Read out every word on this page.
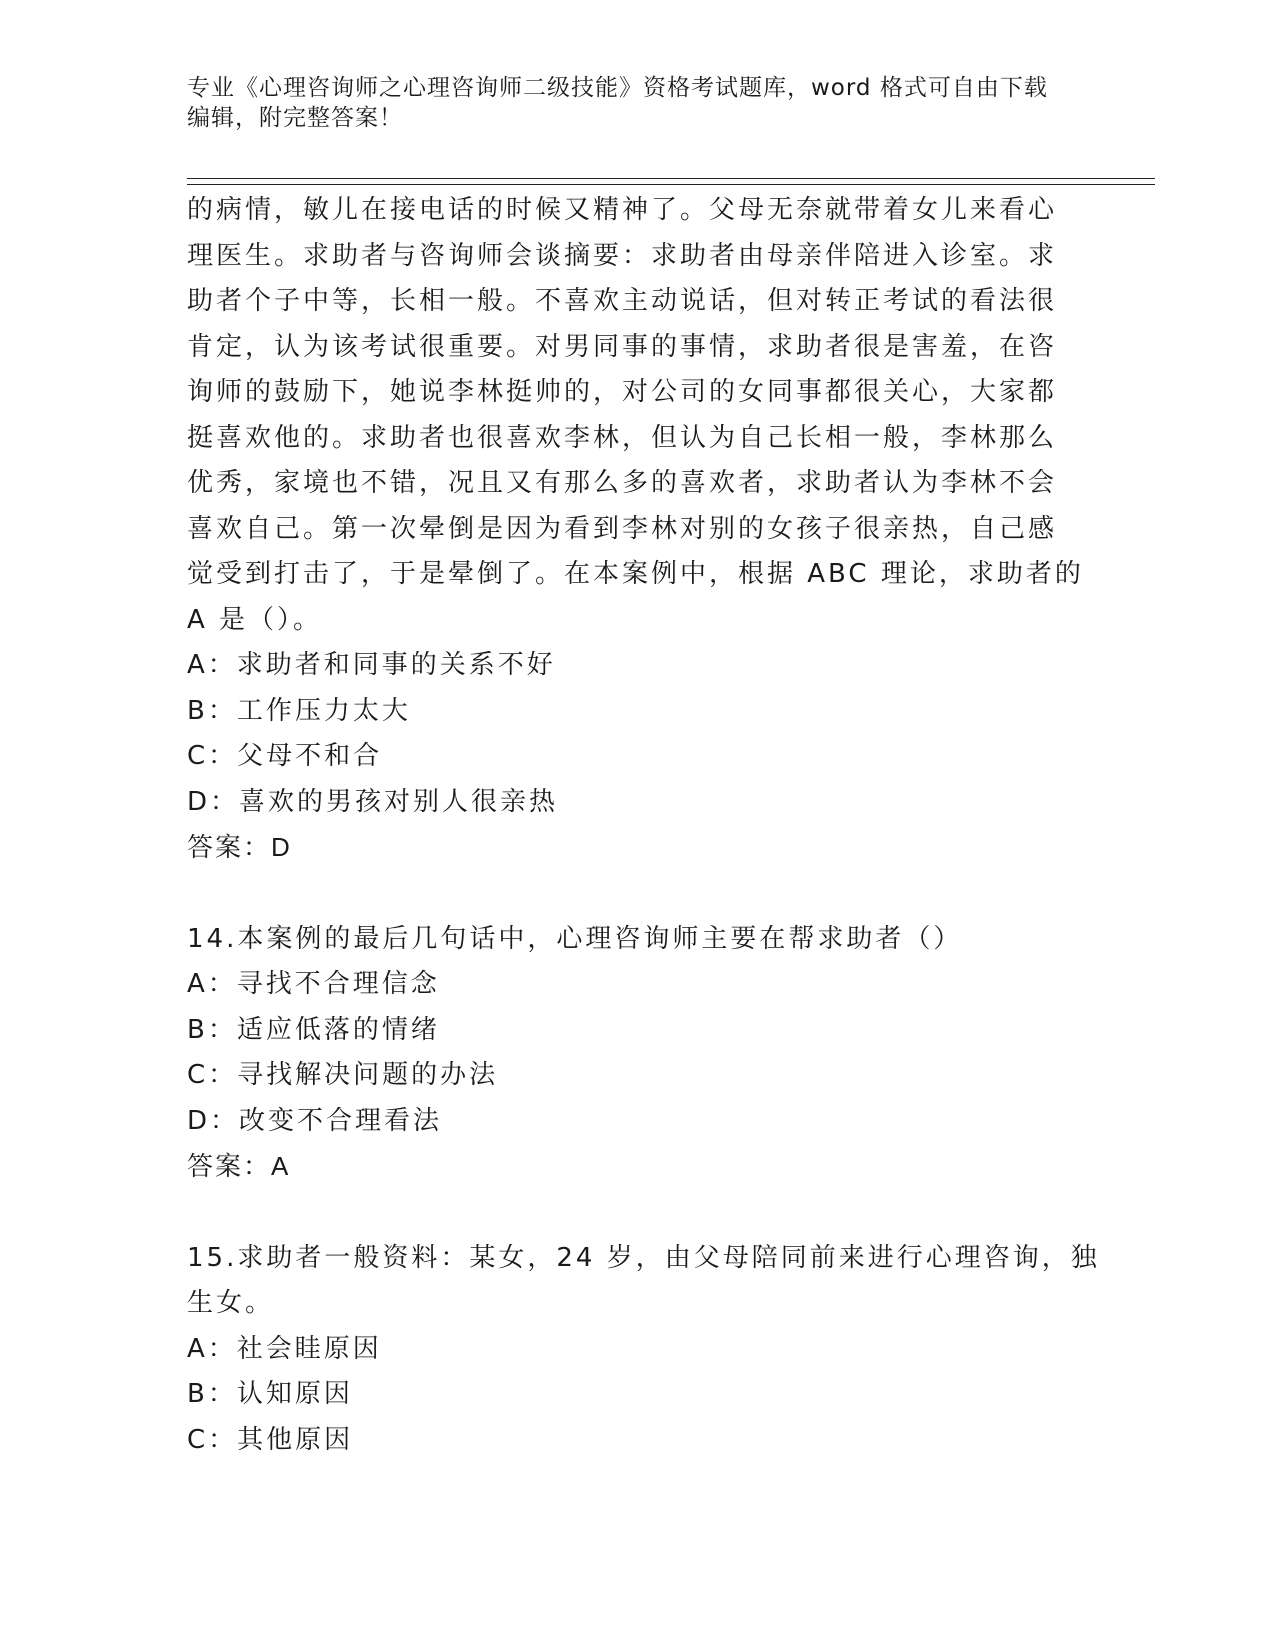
专业《心理咨询师之心理咨询师二级技能》资格考试题库，word 格式可自由下载
编辑，附完整答案！
的病情，敏儿在接电话的时候又精神了。父母无奈就带着女儿来看心
理医生。求助者与咨询师会谈摘要：求助者由母亲伴陪进入诊室。求
助者个子中等，长相一般。不喜欢主动说话，但对转正考试的看法很
肯定，认为该考试很重要。对男同事的事情，求助者很是害羞，在咨
询师的鼓励下，她说李林挺帅的，对公司的女同事都很关心，大家都
挺喜欢他的。求助者也很喜欢李林，但认为自己长相一般，李林那么
优秀，家境也不错，况且又有那么多的喜欢者，求助者认为李林不会
喜欢自己。第一次晕倒是因为看到李林对别的女孩子很亲热，自己感
觉受到打击了，于是晕倒了。在本案例中，根据 ABC 理论，求助者的
A 是（）。
A：求助者和同事的关系不好
B：工作压力太大
C：父母不和合
D：喜欢的男孩对别人很亲热
答案：D
14.本案例的最后几句话中，心理咨询师主要在帮求助者（）
A：寻找不合理信念
B：适应低落的情绪
C：寻找解决问题的办法
D：改变不合理看法
答案：A
15.求助者一般资料：某女，24 岁，由父母陪同前来进行心理咨询，独
生女。
A：社会眭原因
B：认知原因
C：其他原因
